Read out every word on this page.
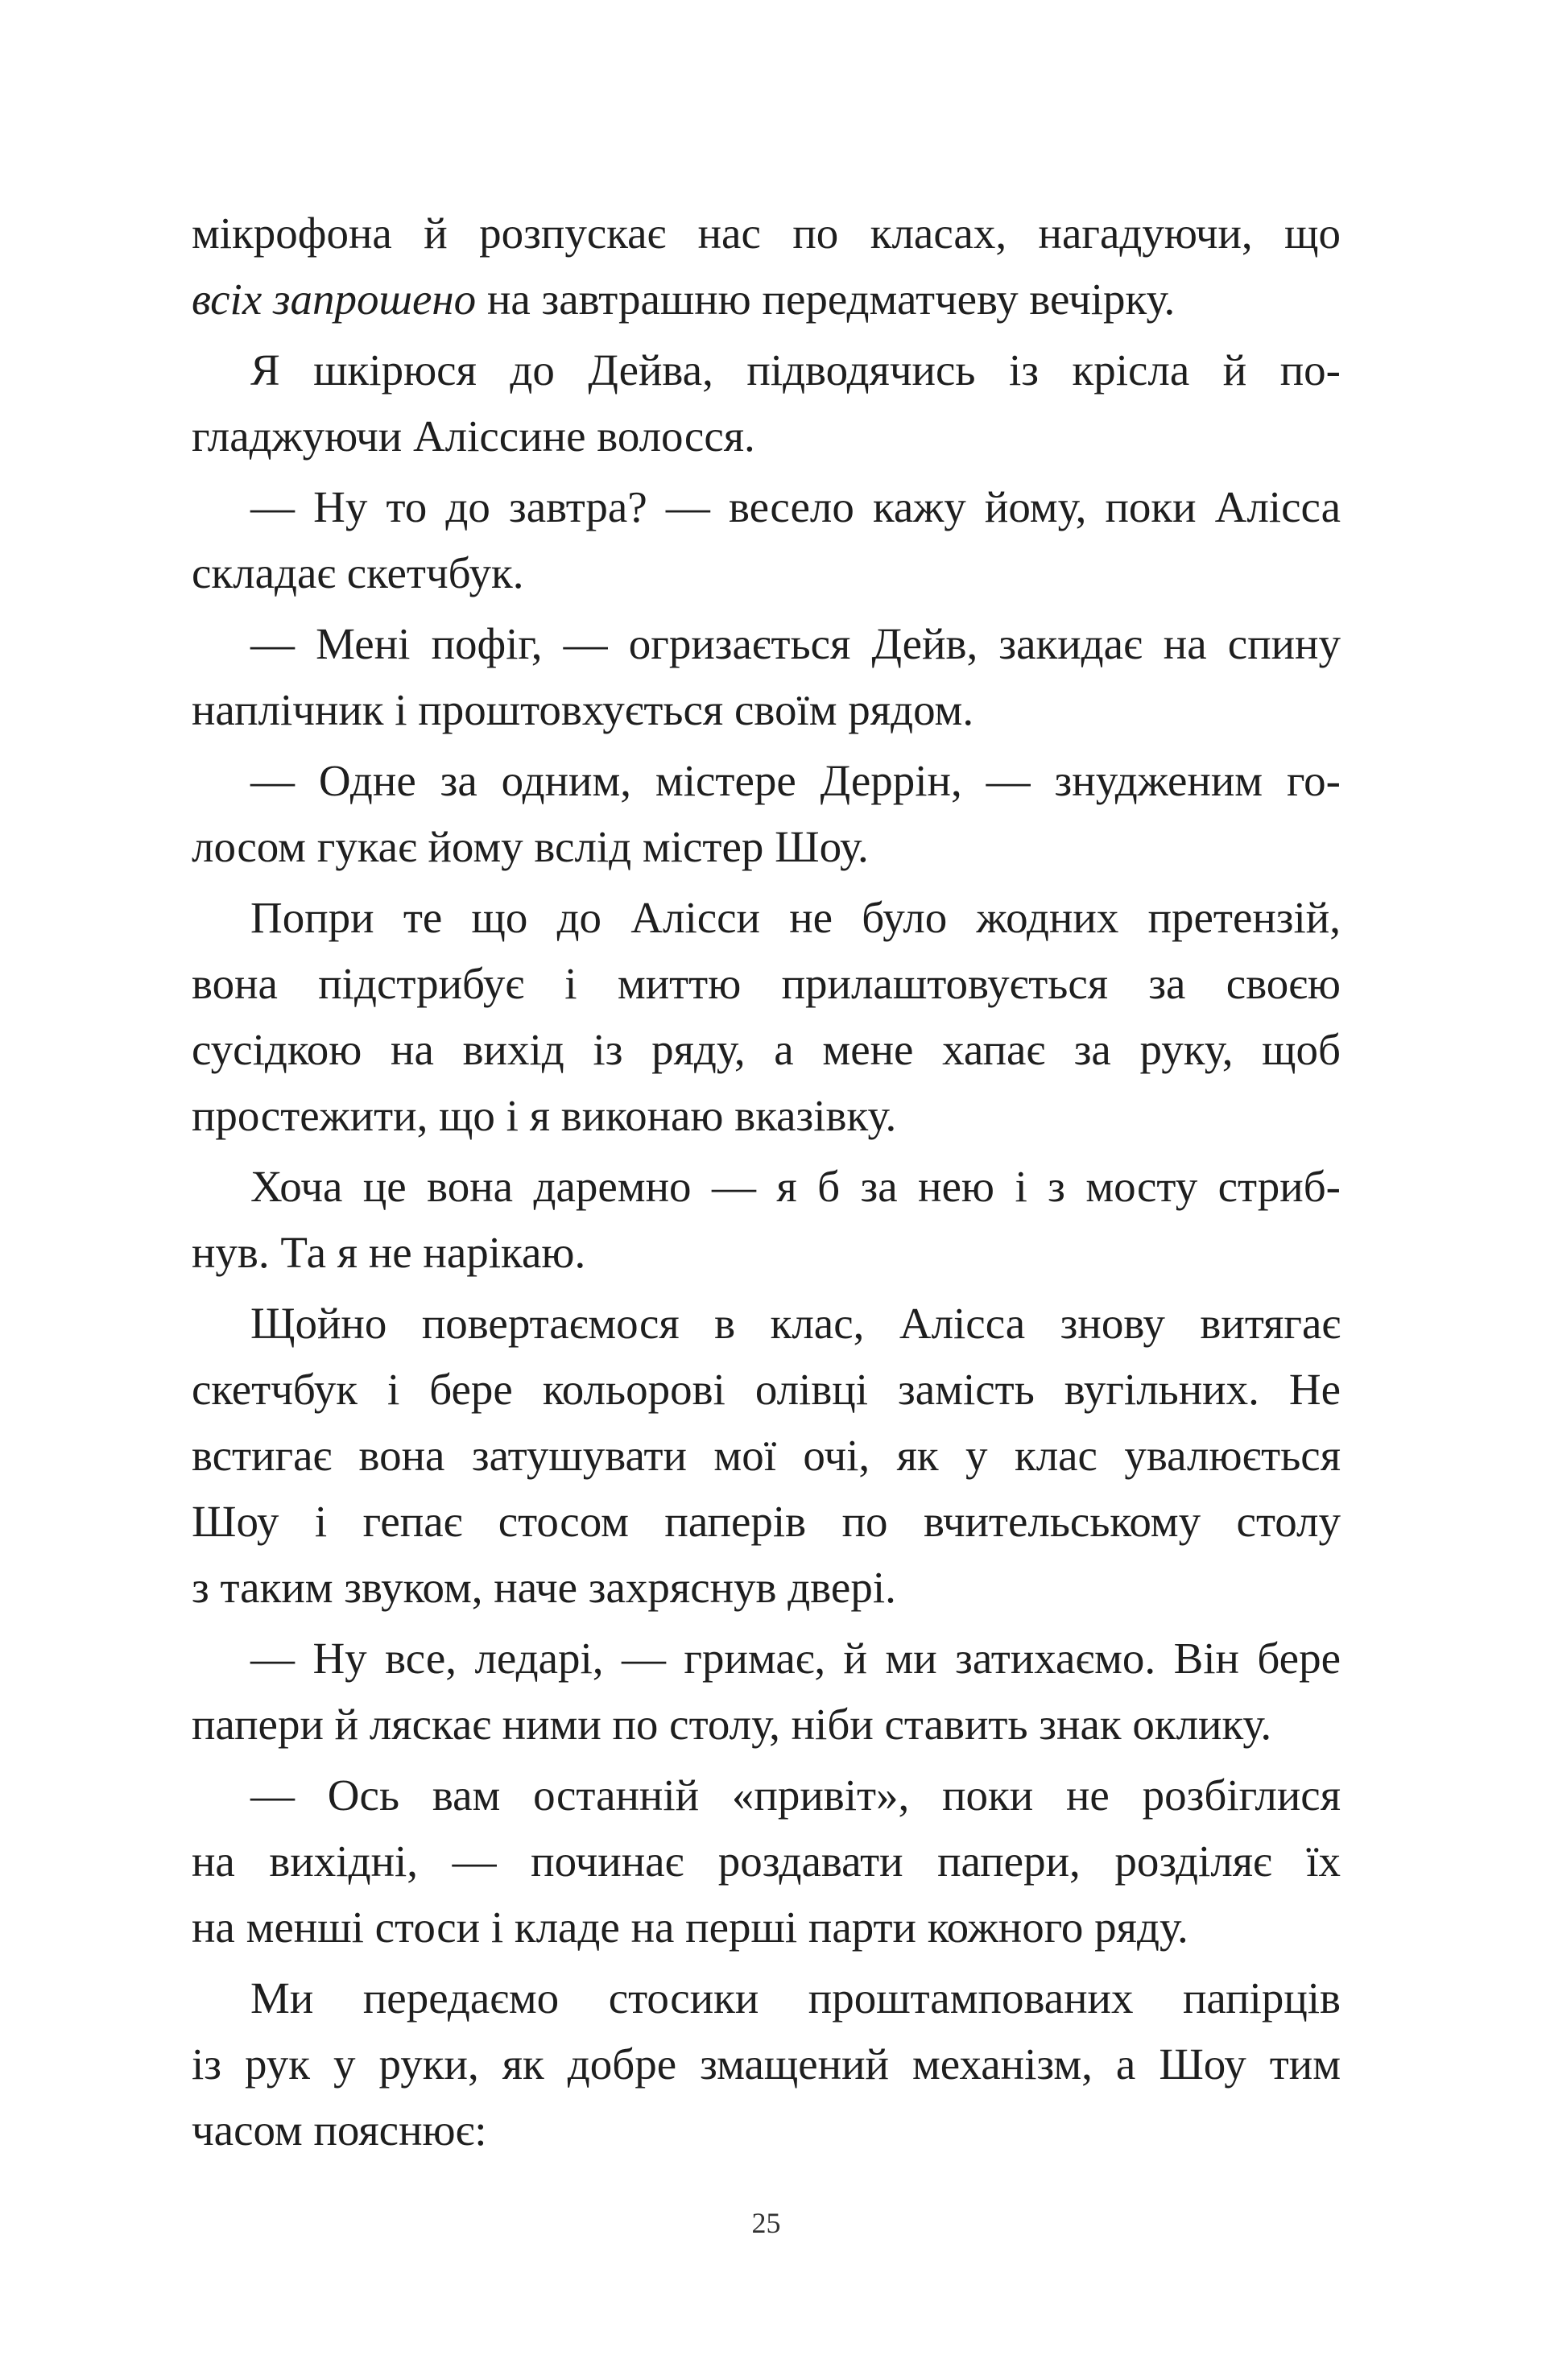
мікрофона й розпускає нас по класах, нагадуючи, що
всіх запрошено на завтрашню передматчеву вечірку.
Я шкірюся до Дейва, підводячись із крісла й по-
гладжуючи Аліссине волосся.
— Ну то до завтра? — весело кажу йому, поки Алісса
складає скетчбук.
— Мені пофіг, — огризається Дейв, закидає на спину
наплічник і проштовхується своїм рядом.
— Одне за одним, містере Деррін, — знудженим го-
лосом гукає йому вслід містер Шоу.
Попри те що до Алісси не було жодних претензій,
вона підстрибує і миттю прилаштовується за своєю
сусідкою на вихід із ряду, а мене хапає за руку, щоб
простежити, що і я виконаю вказівку.
Хоча це вона даремно — я б за нею і з мосту стриб-
нув. Та я не нарікаю.
Щойно повертаємося в клас, Алісса знову витягає
скетчбук і бере кольорові олівці замість вугільних. Не
встигає вона затушувати мої очі, як у клас увалюється
Шоу і гепає стосом паперів по вчительському столу
з таким звуком, наче захряснув двері.
— Ну все, ледарі, — гримає, й ми затихаємо. Він бере
папери й ляскає ними по столу, ніби ставить знак оклику.
— Ось вам останній «привіт», поки не розбіглися
на вихідні, — починає роздавати папери, розділяє їх
на менші стоси і кладе на перші парти кожного ряду.
Ми передаємо стосики проштампованих папірців
із рук у руки, як добре змащений механізм, а Шоу тим
часом пояснює:
25
